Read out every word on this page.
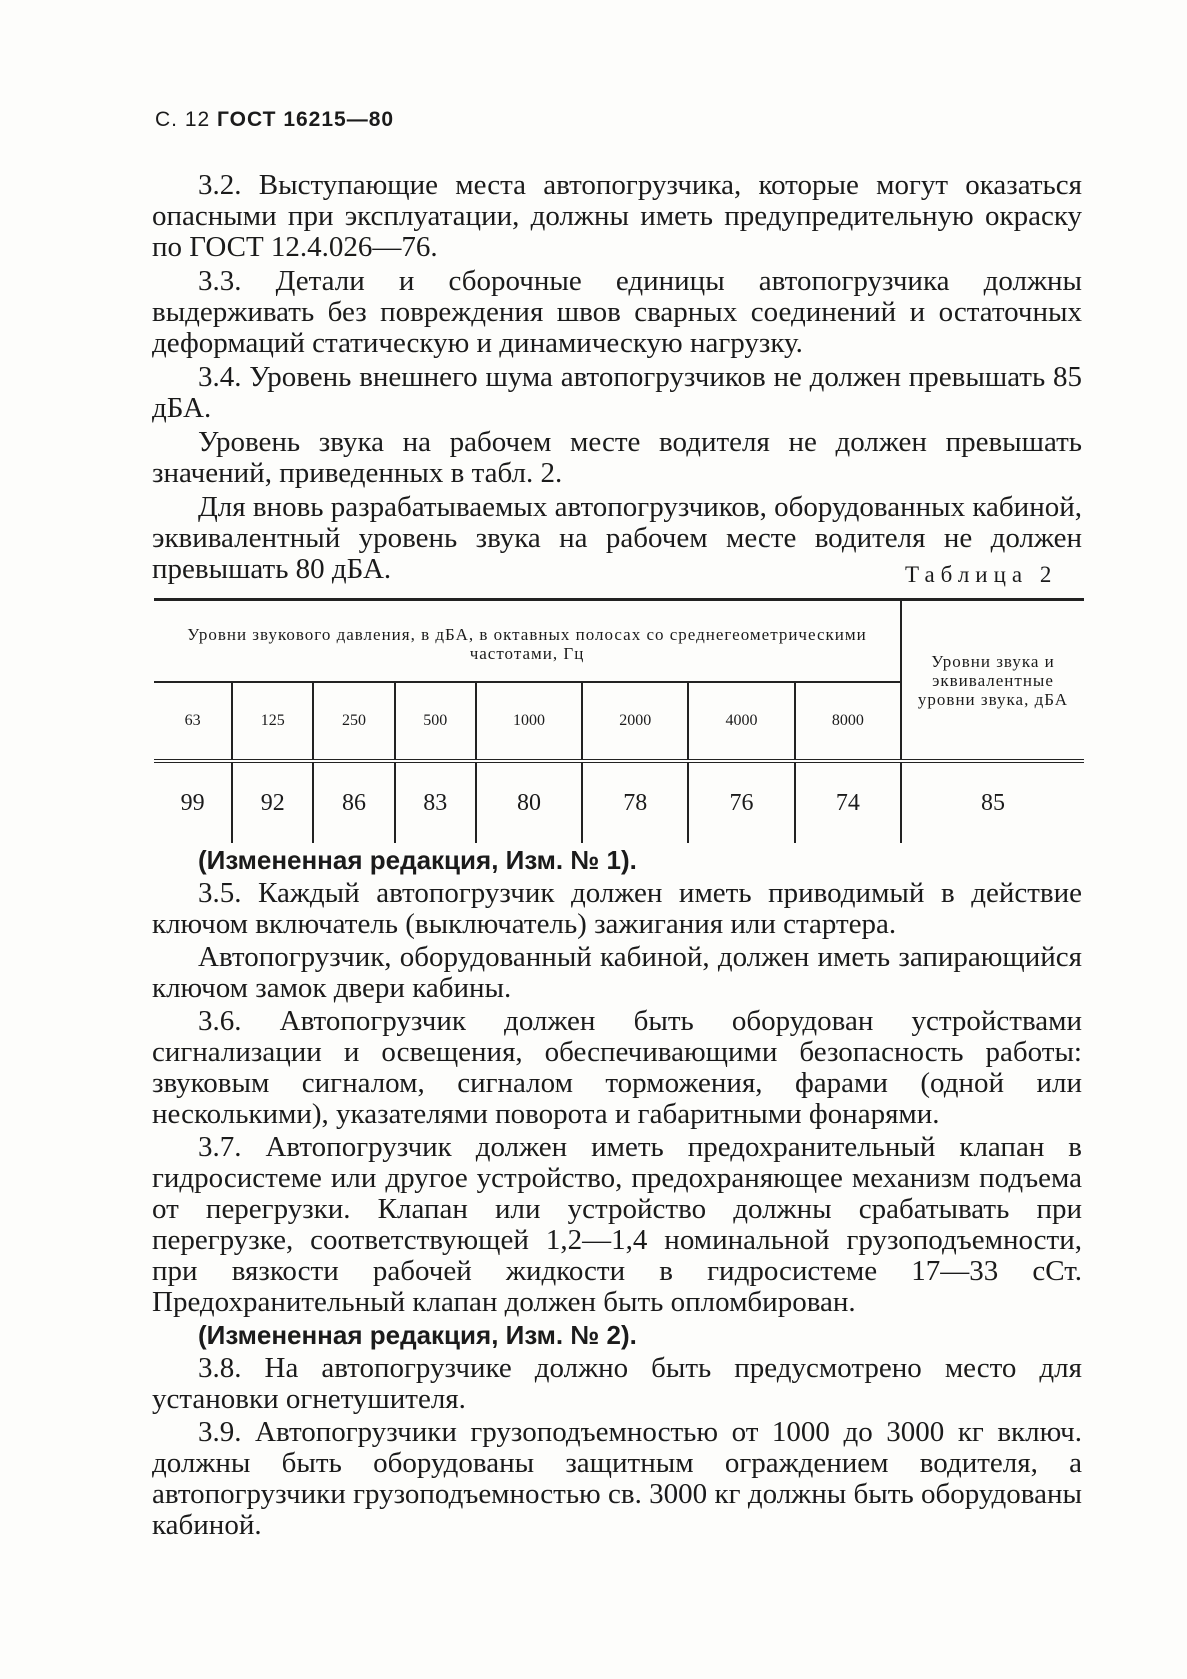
С. 12 ГОСТ 16215—80

3.2. Выступающие места автопогрузчика, которые могут оказаться опасными при эксплуатации, должны иметь предупредительную окраску по ГОСТ 12.4.026—76.

3.3. Детали и сборочные единицы автопогрузчика должны выдерживать без повреждения швов сварных соединений и остаточных деформаций статическую и динамическую нагрузку.

3.4. Уровень внешнего шума автопогрузчиков не должен превышать 85 дБА.

Уровень звука на рабочем месте водителя не должен превышать значений, приведенных в табл. 2.

Для вновь разрабатываемых автопогрузчиков, оборудованных кабиной, эквивалентный уровень звука на рабочем месте водителя не должен превышать 80 дБА.	Таблица 2
Уровни звукового давления, в дБА, в октавных полосах со среднегеометрическими частотами, Гц								Уровни звука и эквивалентные уровни звука, дБА
63	125	250	500	1000	2000	4000	8000	
99	92	86	83	80	78	76	74	85

(Измененная редакция, Изм. № 1).

3.5. Каждый автопогрузчик должен иметь приводимый в действие ключом включатель (выключатель) зажигания или стартера.

Автопогрузчик, оборудованный кабиной, должен иметь запирающийся ключом замок двери кабины.

3.6. Автопогрузчик должен быть оборудован устройствами сигнализации и освещения, обеспечивающими безопасность работы: звуковым сигналом, сигналом торможения, фарами (одной или несколькими), указателями поворота и габаритными фонарями.

3.7. Автопогрузчик должен иметь предохранительный клапан в гидросистеме или другое устройство, предохраняющее механизм подъема от перегрузки. Клапан или устройство должны срабатывать при перегрузке, соответствующей 1,2—1,4 номинальной грузоподъемности, при вязкости рабочей жидкости в гидросистеме 17—33 сСт. Предохранительный клапан должен быть опломбирован.

(Измененная редакция, Изм. № 2).

3.8. На автопогрузчике должно быть предусмотрено место для установки огнетушителя.

3.9. Автопогрузчики грузоподъемностью от 1000 до 3000 кг включ. должны быть оборудованы защитным ограждением водителя, а автопогрузчики грузоподъемностью св. 3000 кг должны быть оборудованы кабиной.
